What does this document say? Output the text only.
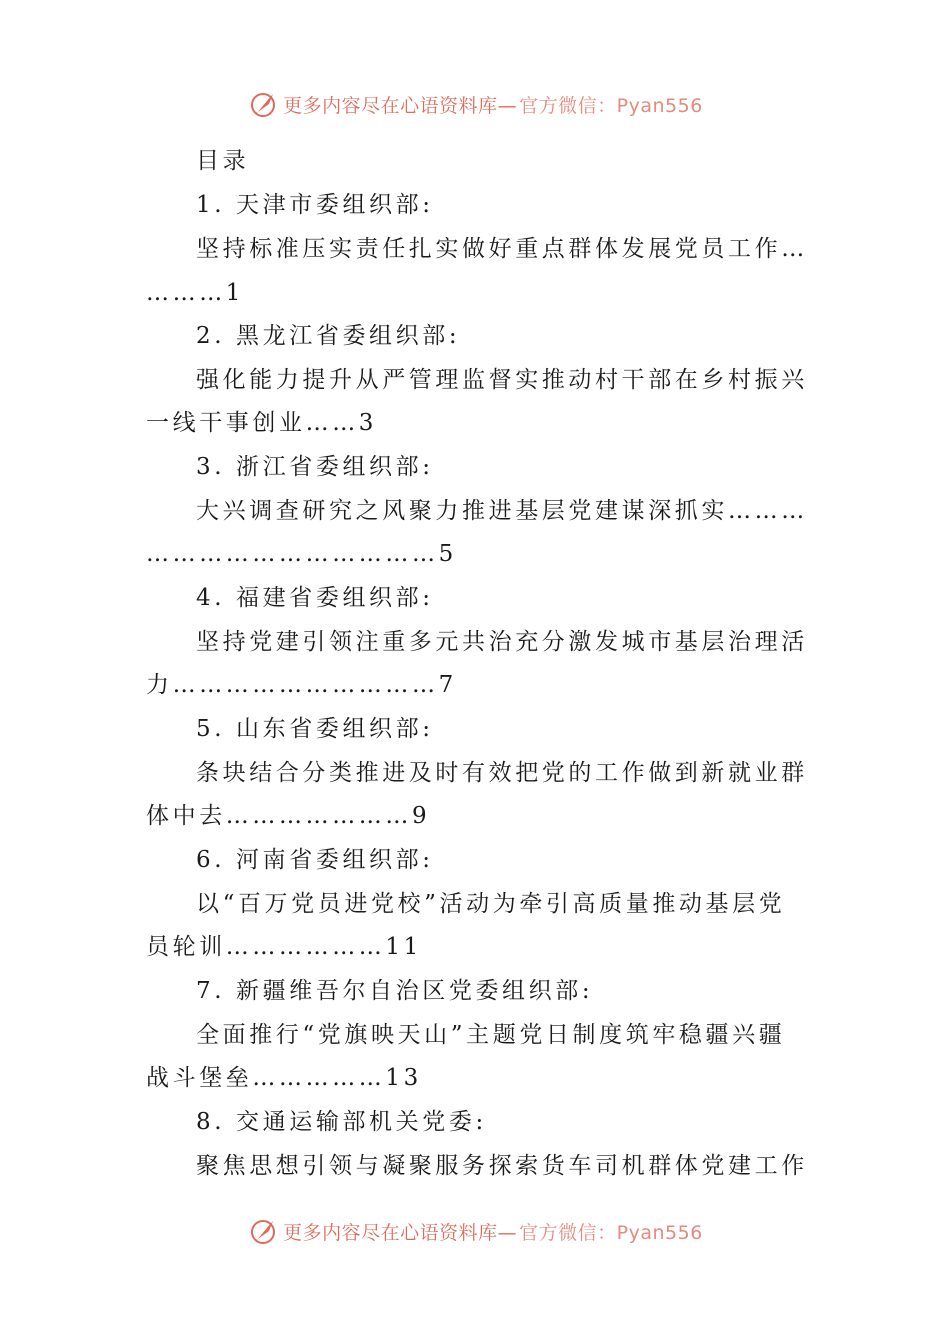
更多内容尽在心语资料库— 官方微信：Pyan556
目录
1. 天津市委组织部:
坚持标准压实责任扎实做好重点群体发展党员工作…
………1
2. 黑龙江省委组织部:
强化能力提升从严管理监督实推动村干部在乡村振兴
一线干事创业……3
3. 浙江省委组织部:
大兴调查研究之风聚力推进基层党建谋深抓实………
……………………………5
4. 福建省委组织部:
坚持党建引领注重多元共治充分激发城市基层治理活
力…………………………7
5. 山东省委组织部:
条块结合分类推进及时有效把党的工作做到新就业群
体中去…………………9
6. 河南省委组织部:
以“百万党员进党校”活动为牵引高质量推动基层党
员轮训………………11
7. 新疆维吾尔自治区党委组织部:
全面推行“党旗映天山”主题党日制度筑牢稳疆兴疆
战斗堡垒……………13
8. 交通运输部机关党委:
聚焦思想引领与凝聚服务探索货车司机群体党建工作
更多内容尽在心语资料库— 官方微信：Pyan556
